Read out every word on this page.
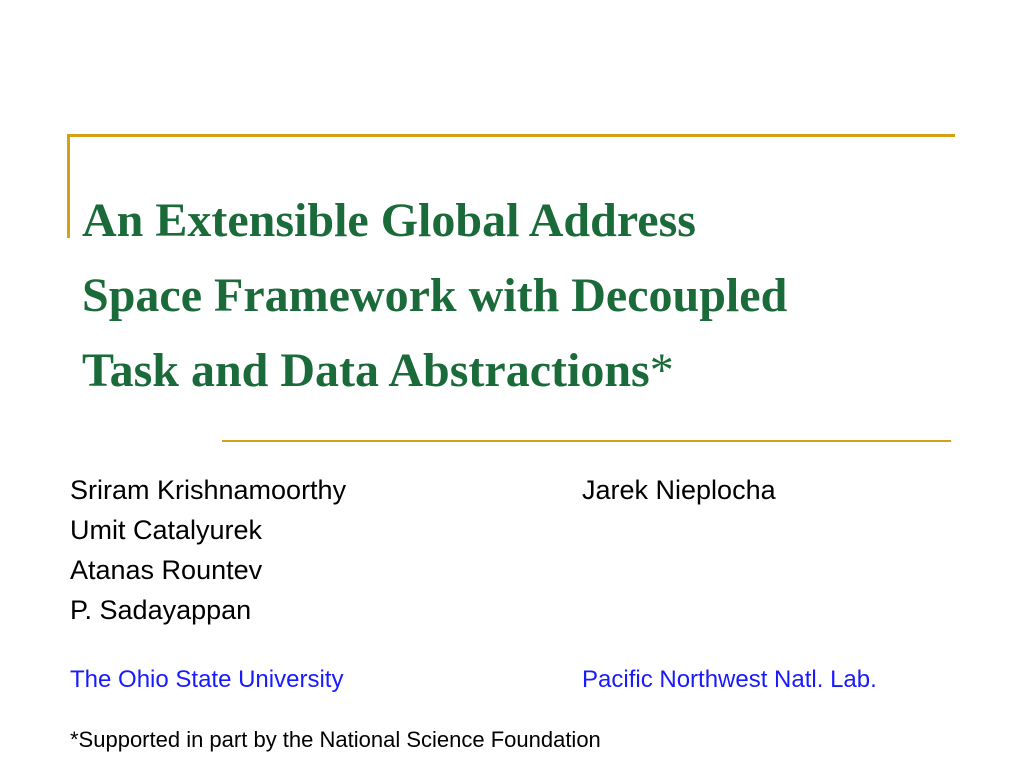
An Extensible Global Address
Space Framework with Decoupled
Task and Data Abstractions*
Sriram Krishnamoorthy
Umit Catalyurek
Atanas Rountev
P. Sadayappan
Jarek Nieplocha
The Ohio State University	Pacific Northwest Natl. Lab.
*Supported in part by the National Science Foundation
